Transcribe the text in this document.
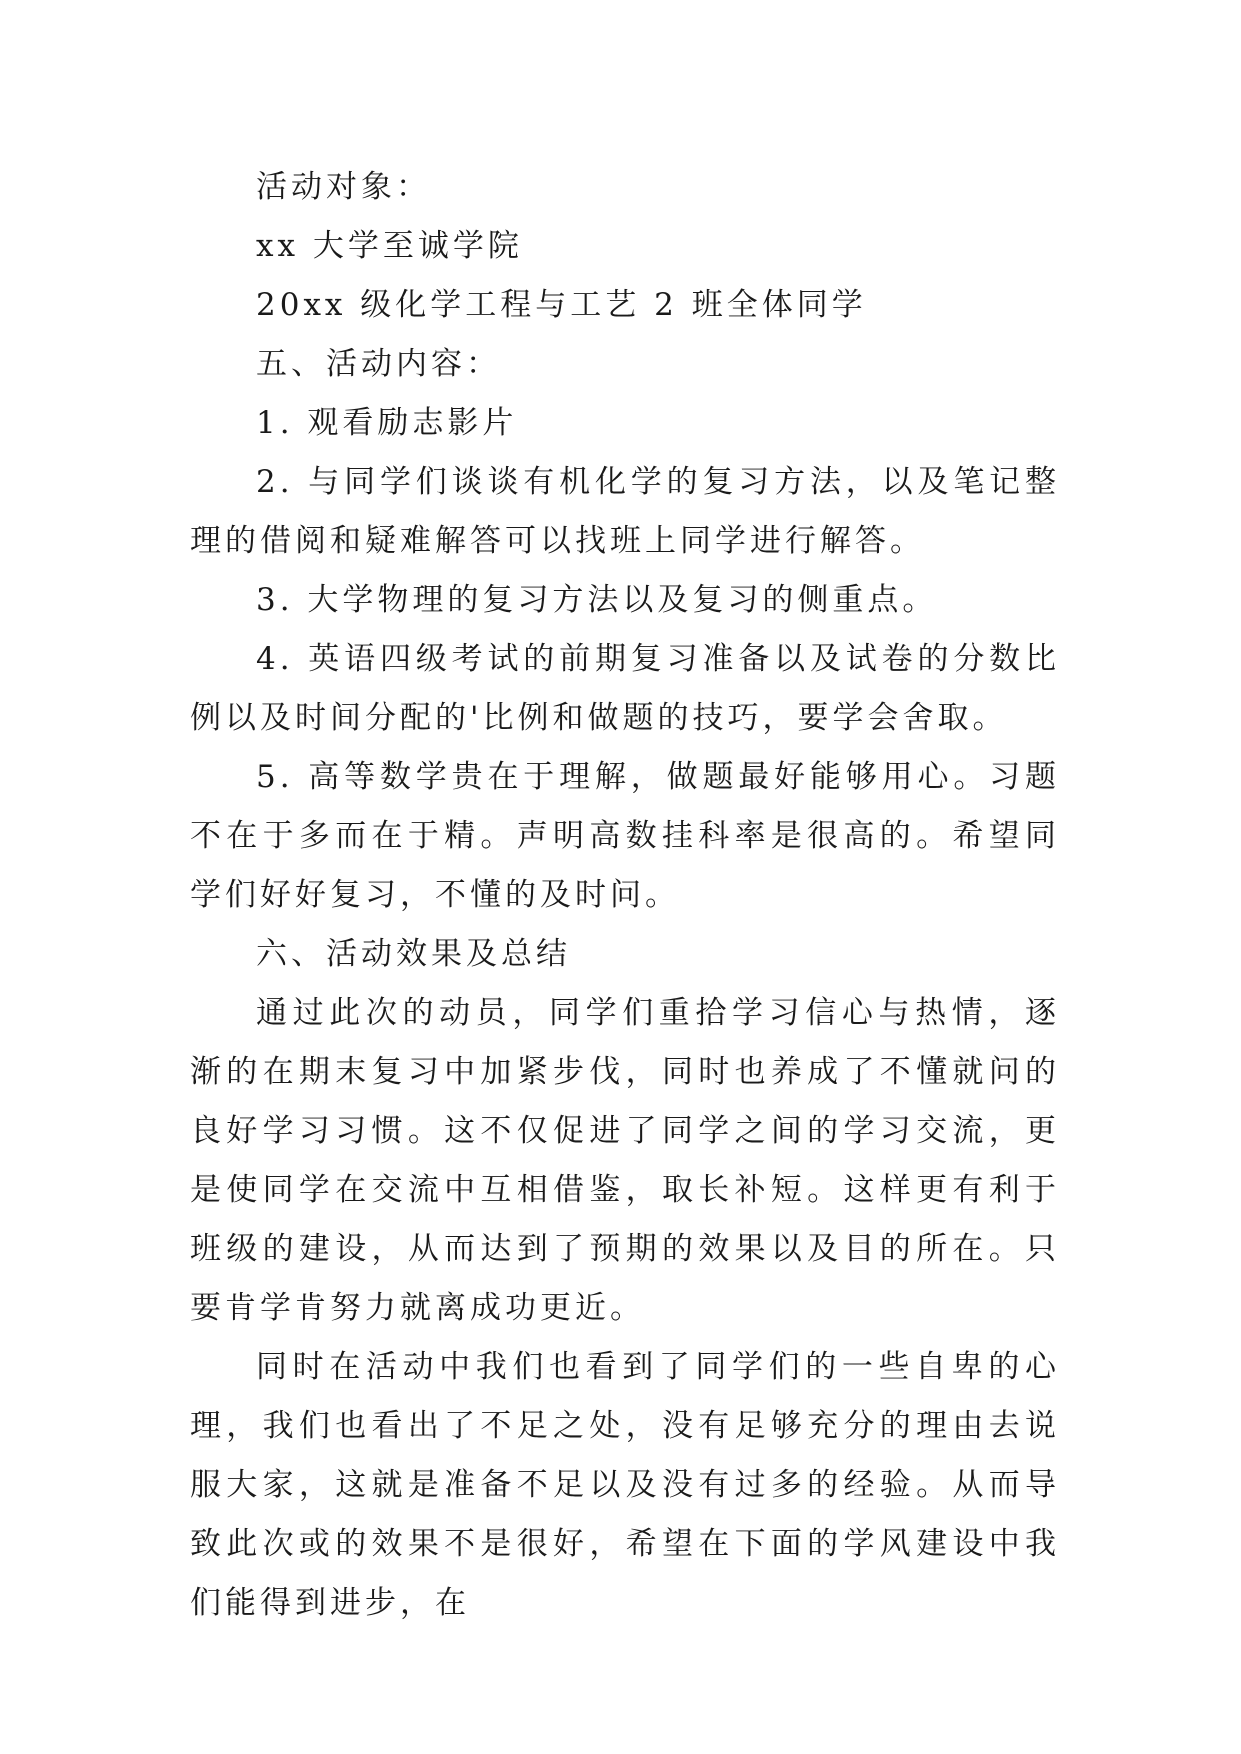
活动对象：

xx 大学至诚学院

20xx 级化学工程与工艺 2 班全体同学

五、活动内容：

1. 观看励志影片

2. 与同学们谈谈有机化学的复习方法，以及笔记整理的借阅和疑难解答可以找班上同学进行解答。

3. 大学物理的复习方法以及复习的侧重点。

4. 英语四级考试的前期复习准备以及试卷的分数比例以及时间分配的'比例和做题的技巧，要学会舍取。

5. 高等数学贵在于理解，做题最好能够用心。习题不在于多而在于精。声明高数挂科率是很高的。希望同学们好好复习，不懂的及时问。

六、活动效果及总结

通过此次的动员，同学们重拾学习信心与热情，逐渐的在期末复习中加紧步伐，同时也养成了不懂就问的良好学习习惯。这不仅促进了同学之间的学习交流，更是使同学在交流中互相借鉴，取长补短。这样更有利于班级的建设，从而达到了预期的效果以及目的所在。只要肯学肯努力就离成功更近。

同时在活动中我们也看到了同学们的一些自卑的心理，我们也看出了不足之处，没有足够充分的理由去说服大家，这就是准备不足以及没有过多的经验。从而导致此次或的效果不是很好，希望在下面的学风建设中我们能得到进步，在
